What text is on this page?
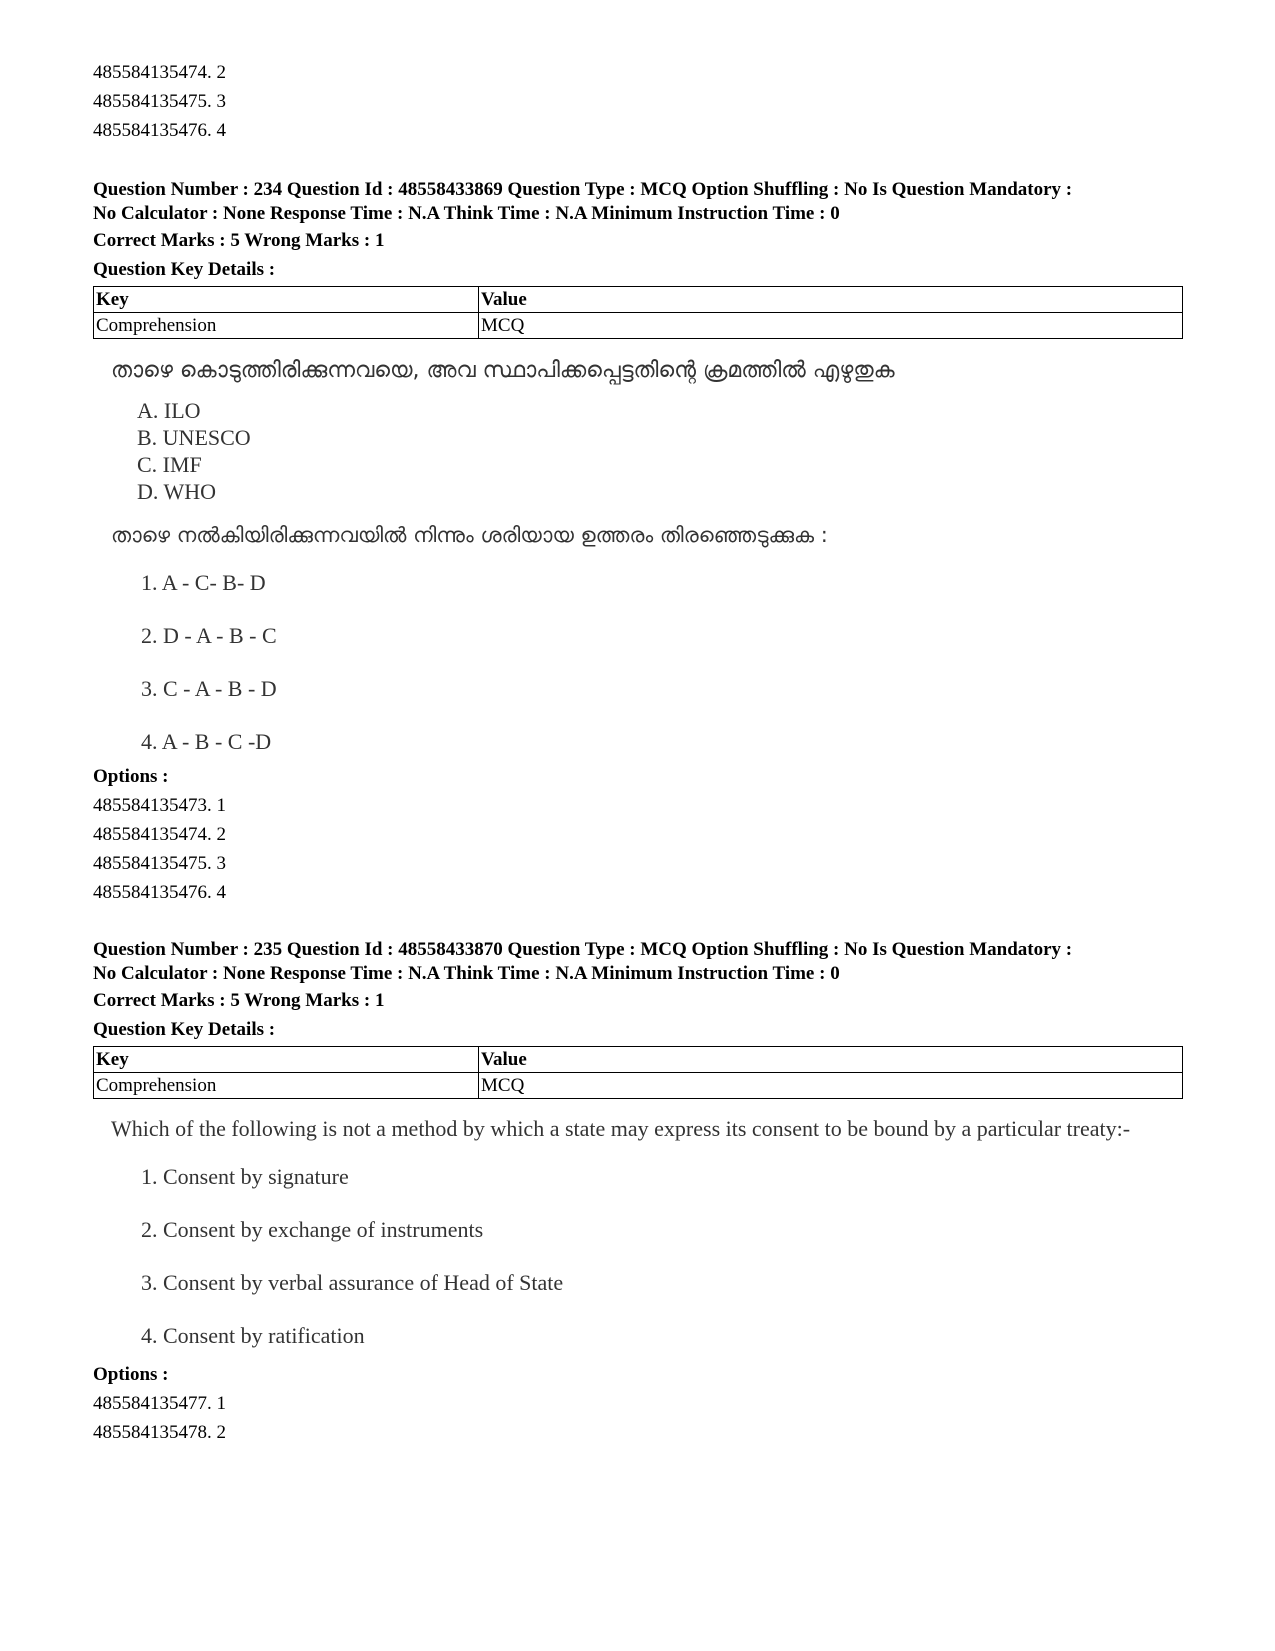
485584135474. 2
485584135475. 3
485584135476. 4
Question Number : 234 Question Id : 48558433869 Question Type : MCQ Option Shuffling : No Is Question Mandatory :
No Calculator : None Response Time : N.A Think Time : N.A Minimum Instruction Time : 0
Correct Marks : 5 Wrong Marks : 1
Question Key Details :
Key	Value
Comprehension	MCQ
താഴെ കൊടുത്തിരിക്കുന്നവയെ, അവ സ്ഥാപിക്കപ്പെട്ടതിന്റെ ക്രമത്തിൽ എഴുതുക
A. ILO
B. UNESCO
C. IMF
D. WHO
താഴെ നൽകിയിരിക്കുന്നവയിൽ നിന്നും ശരിയായ ഉത്തരം തിരഞ്ഞെടുക്കുക :
1. A - C- B- D
2. D - A - B - C
3. C - A - B - D
4. A - B - C -D
Options :
485584135473. 1
485584135474. 2
485584135475. 3
485584135476. 4
Question Number : 235 Question Id : 48558433870 Question Type : MCQ Option Shuffling : No Is Question Mandatory :
No Calculator : None Response Time : N.A Think Time : N.A Minimum Instruction Time : 0
Correct Marks : 5 Wrong Marks : 1
Question Key Details :
Key	Value
Comprehension	MCQ
Which of the following is not a method by which a state may express its consent to be bound by a particular treaty:-
1. Consent by signature
2. Consent by exchange of instruments
3. Consent by verbal assurance of Head of State
4. Consent by ratification
Options :
485584135477. 1
485584135478. 2
